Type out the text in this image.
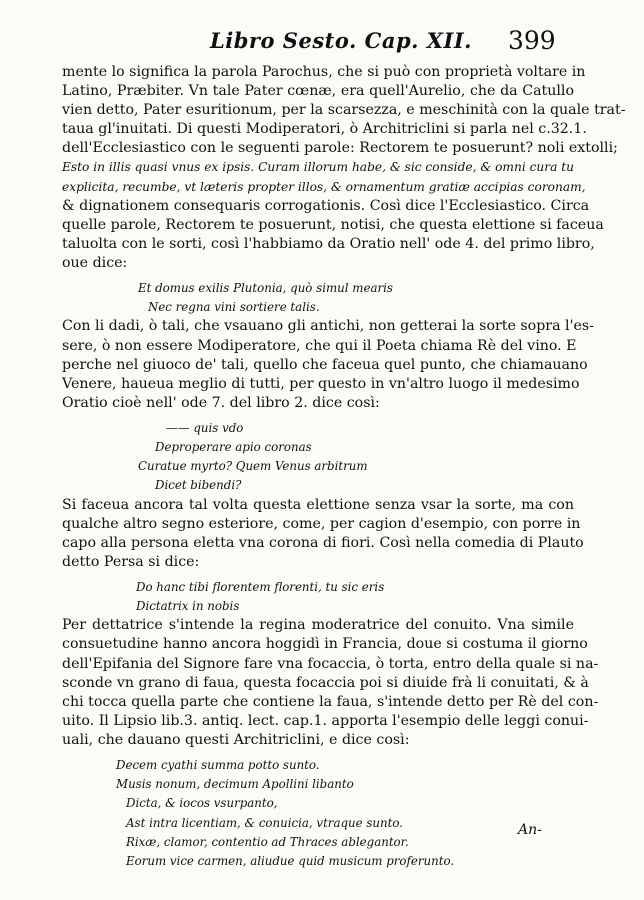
Libro Sesto. Cap. XII. 399
mente lo significa la parola Parochus, che si può con proprietà voltare in
Latino, Præbiter. Vn tale Pater cœnæ, era quell'Aurelio, che da Catullo
vien detto, Pater esuritionum, per la scarsezza, e meschinità con la quale trat-
taua gl'inuitati. Di questi Modiperatori, ò Architriclini si parla nel c.32.1.
dell'Ecclesiastico con le seguenti parole: Rectorem te posuerunt? noli extolli;
Esto in illis quasi vnus ex ipsis. Curam illorum habe, & sic conside, & omni cura tu
explicita, recumbe, vt læteris propter illos, & ornamentum gratiæ accipias coronam,
& dignationem consequaris corrogationis. Così dice l'Ecclesiastico. Circa
quelle parole, Rectorem te posuerunt, notisi, che questa elettione si faceua
taluolta con le sorti, così l'habbiamo da Oratio nell' ode 4. del primo libro,
oue dice:
Et domus exilis Plutonia, quò simul mearis
Nec regna vini sortiere talis.
Con li dadi, ò tali, che vsauano gli antichi, non getterai la sorte sopra l'es-
sere, ò non essere Modiperatore, che qui il Poeta chiama Rè del vino. E
perche nel giuoco de' tali, quello che faceua quel punto, che chiamauano
Venere, haueua meglio di tutti, per questo in vn'altro luogo il medesimo
Oratio cioè nell' ode 7. del libro 2. dice così:
—— quis vdo
Deproperare apio coronas
Curatue myrto? Quem Venus arbitrum
Dicet bibendi?
Si faceua ancora tal volta questa elettione senza vsar la sorte, ma con
qualche altro segno esteriore, come, per cagion d'esempio, con porre in
capo alla persona eletta vna corona di fiori. Così nella comedia di Plauto
detto Persa si dice:
Do hanc tibi florentem florenti, tu sic eris
Dictatrix in nobis
Per dettatrice s'intende la regina moderatrice del conuito. Vna simile
consuetudine hanno ancora hoggidì in Francia, doue si costuma il giorno
dell'Epifania del Signore fare vna focaccia, ò torta, entro della quale si na-
sconde vn grano di faua, questa focaccia poi si diuide frà li conuitati, & à
chi tocca quella parte che contiene la faua, s'intende detto per Rè del con-
uito. Il Lipsio lib.3. antiq. lect. cap.1. apporta l'esempio delle leggi conui-
uali, che dauano questi Architriclini, e dice così:
Decem cyathi summa potto sunto.
Musis nonum, decimum Apollini libanto
Dicta, & iocos vsurpanto,
Ast intra licentiam, & conuicia, vtraque sunto.
Rixæ, clamor, contentio ad Thraces ablegantor.
Eorum vice carmen, aliudue quid musicum proferunto.
An-
